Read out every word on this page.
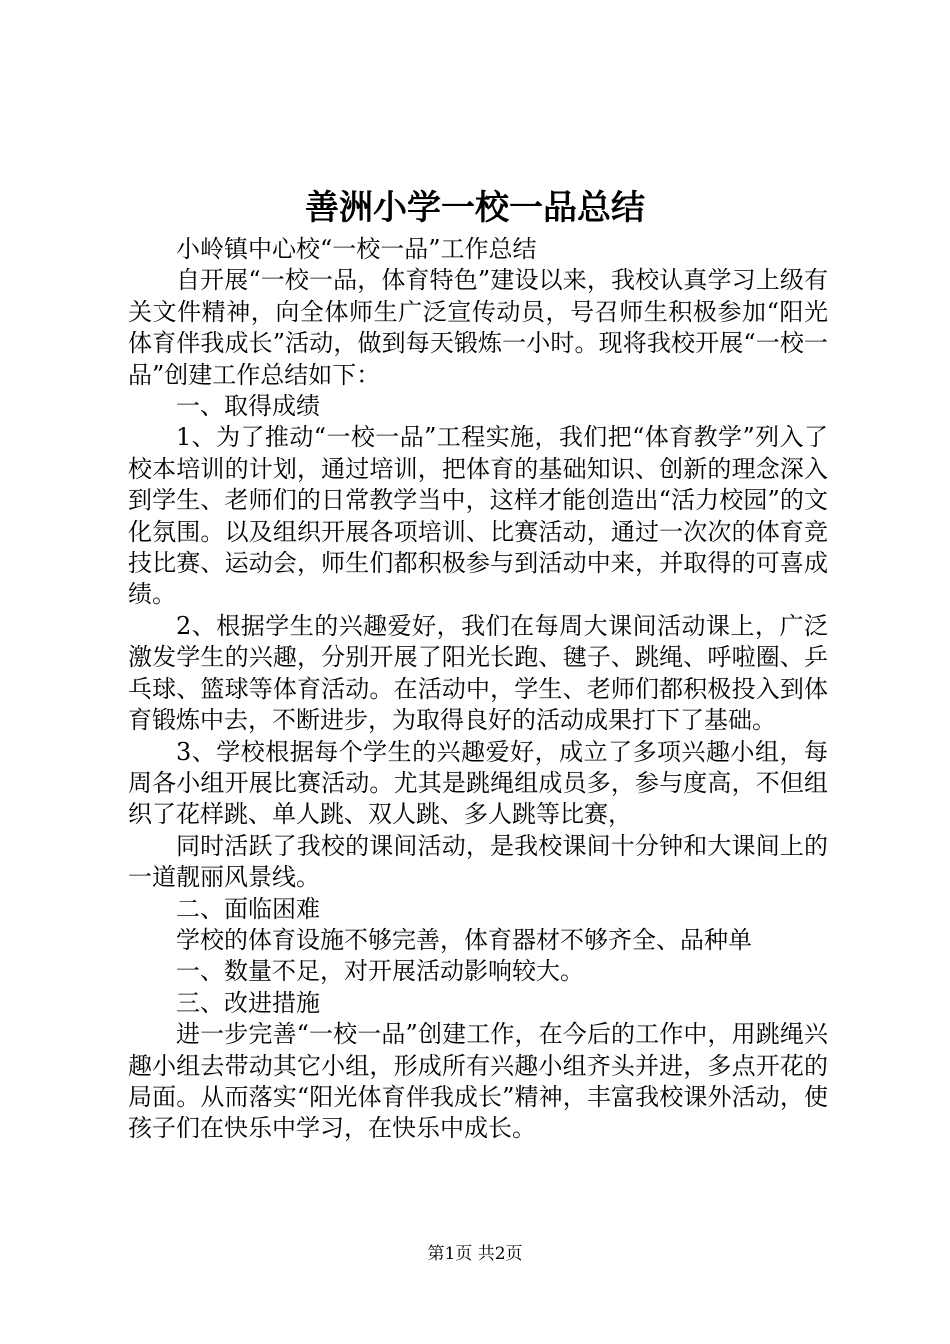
善洲小学一校一品总结

小岭镇中心校“一校一品”工作总结

自开展“一校一品，体育特色”建设以来，我校认真学习上级有关文件精神，向全体师生广泛宣传动员，号召师生积极参加“阳光体育伴我成长”活动，做到每天锻炼一小时。现将我校开展“一校一品”创建工作总结如下：

一、取得成绩

1、为了推动“一校一品”工程实施，我们把“体育教学”列入了校本培训的计划，通过培训，把体育的基础知识、创新的理念深入到学生、老师们的日常教学当中，这样才能创造出“活力校园”的文化氛围。以及组织开展各项培训、比赛活动，通过一次次的体育竞技比赛、运动会，师生们都积极参与到活动中来，并取得的可喜成绩。

2、根据学生的兴趣爱好，我们在每周大课间活动课上，广泛激发学生的兴趣，分别开展了阳光长跑、毽子、跳绳、呼啦圈、乒乓球、篮球等体育活动。在活动中，学生、老师们都积极投入到体育锻炼中去，不断进步，为取得良好的活动成果打下了基础。

3、学校根据每个学生的兴趣爱好，成立了多项兴趣小组，每周各小组开展比赛活动。尤其是跳绳组成员多，参与度高，不但组织了花样跳、单人跳、双人跳、多人跳等比赛，

同时活跃了我校的课间活动，是我校课间十分钟和大课间上的一道靓丽风景线。

二、面临困难

学校的体育设施不够完善，体育器材不够齐全、品种单

一、数量不足，对开展活动影响较大。

三、改进措施

进一步完善“一校一品”创建工作，在今后的工作中，用跳绳兴趣小组去带动其它小组，形成所有兴趣小组齐头并进，多点开花的局面。从而落实“阳光体育伴我成长”精神，丰富我校课外活动，使孩子们在快乐中学习，在快乐中成长。

第1页 共2页
